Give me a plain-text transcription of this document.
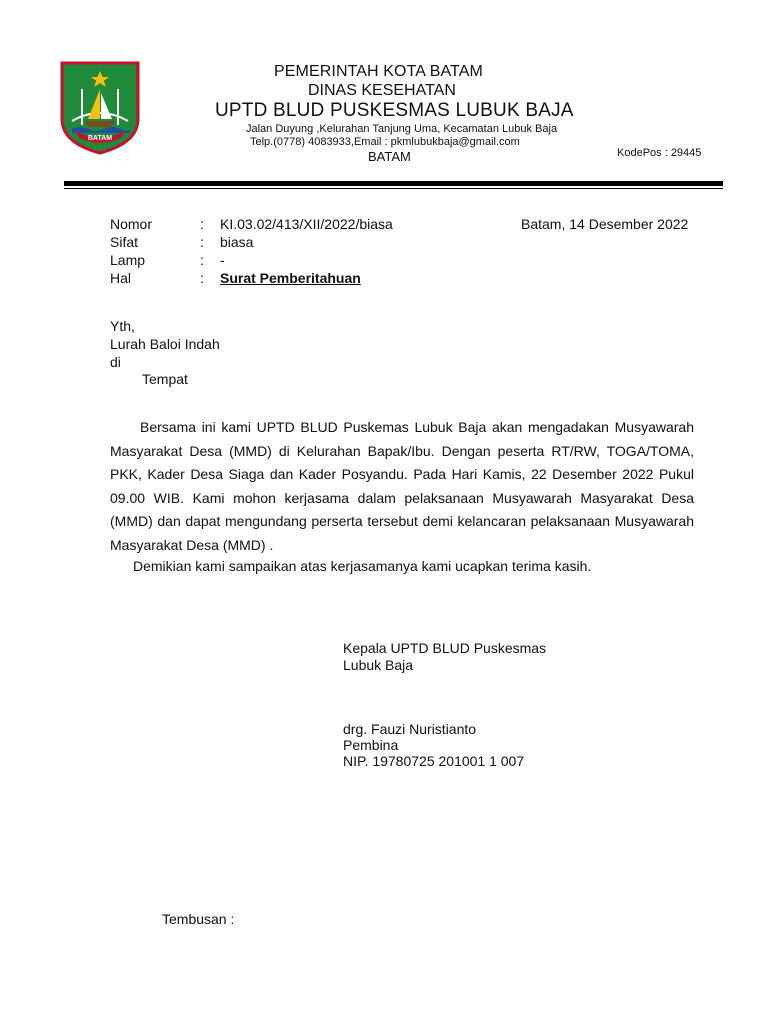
BATAM
PEMERINTAH KOTA BATAM
DINAS KESEHATAN
UPTD BLUD PUSKESMAS LUBUK BAJA
Jalan Duyung ,Kelurahan Tanjung Uma, Kecamatan Lubuk Baja
Telp.(0778) 4083933,Email : pkmlubukbaja@gmail.com
BATAM	KodePos : 29445
Nomor	: KI.03.02/413/XII/2022/biasa	Batam, 14 Desember 2022
Sifat	: biasa
Lamp	: -
Hal	: Surat Pemberitahuan
Yth,
Lurah Baloi Indah
di
Tempat
Bersama ini kami UPTD BLUD Puskemas Lubuk Baja akan mengadakan Musyawarah Masyarakat Desa (MMD) di Kelurahan Bapak/Ibu. Dengan peserta RT/RW, TOGA/TOMA, PKK, Kader Desa Siaga dan Kader Posyandu. Pada Hari Kamis, 22 Desember 2022 Pukul 09.00 WIB. Kami mohon kerjasama dalam pelaksanaan Musyawarah Masyarakat Desa (MMD) dan dapat mengundang perserta tersebut demi kelancaran pelaksanaan Musyawarah Masyarakat Desa (MMD) .
Demikian kami sampaikan atas kerjasamanya kami ucapkan terima kasih.
Kepala UPTD BLUD Puskesmas
Lubuk Baja
drg. Fauzi Nuristianto
Pembina
NIP. 19780725 201001 1 007
Tembusan :
